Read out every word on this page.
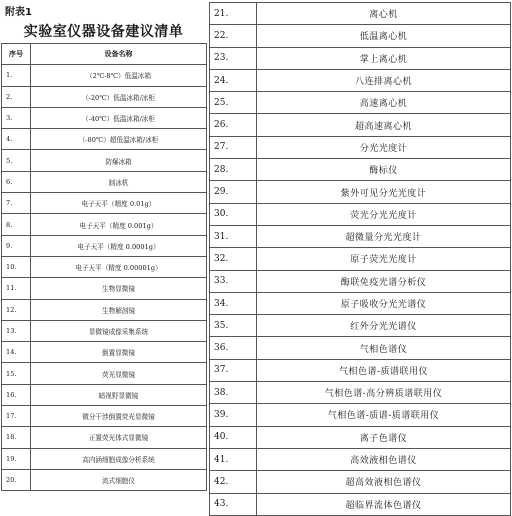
附表1
实验室仪器设备建议清单
序号	设备名称
1.	（2℃-8℃）低温冰箱
2.	（-20℃）低温冰箱/冰柜
3.	（-40℃）低温冰箱/冰柜
4.	（-80℃）超低温冰箱/冰柜
5.	防爆冰箱
6.	制冰机
7.	电子天平（精度 0.01g）
8.	电子天平（精度 0.001g）
9.	电子天平（精度 0.0001g）
10.	电子天平（精度 0.00001g）
11.	生物显微镜
12.	生物解剖镜
13.	显微镜成像采集系统
14.	倒置显微镜
15.	荧光显微镜
16.	暗视野显微镜
17.	微分干涉倒置荧光显微镜
18.	正置荧光体式显微镜
19.	高内涵细胞成像分析系统
20.	流式细胞仪
21.	离心机
22.	低温离心机
23.	掌上离心机
24.	八连排离心机
25.	高速离心机
26.	超高速离心机
27.	分光光度计
28.	酶标仪
29.	紫外可见分光光度计
30.	荧光分光光度计
31.	超微量分光光度计
32.	原子荧光光度计
33.	酶联免疫光谱分析仪
34.	原子吸收分光光谱仪
35.	红外分光光谱仪
36.	气相色谱仪
37.	气相色谱-质谱联用仪
38.	气相色谱-高分辨质谱联用仪
39.	气相色谱-质谱-质谱联用仪
40.	离子色谱仪
41.	高效液相色谱仪
42.	超高效液相色谱仪
43.	超临界流体色谱仪
